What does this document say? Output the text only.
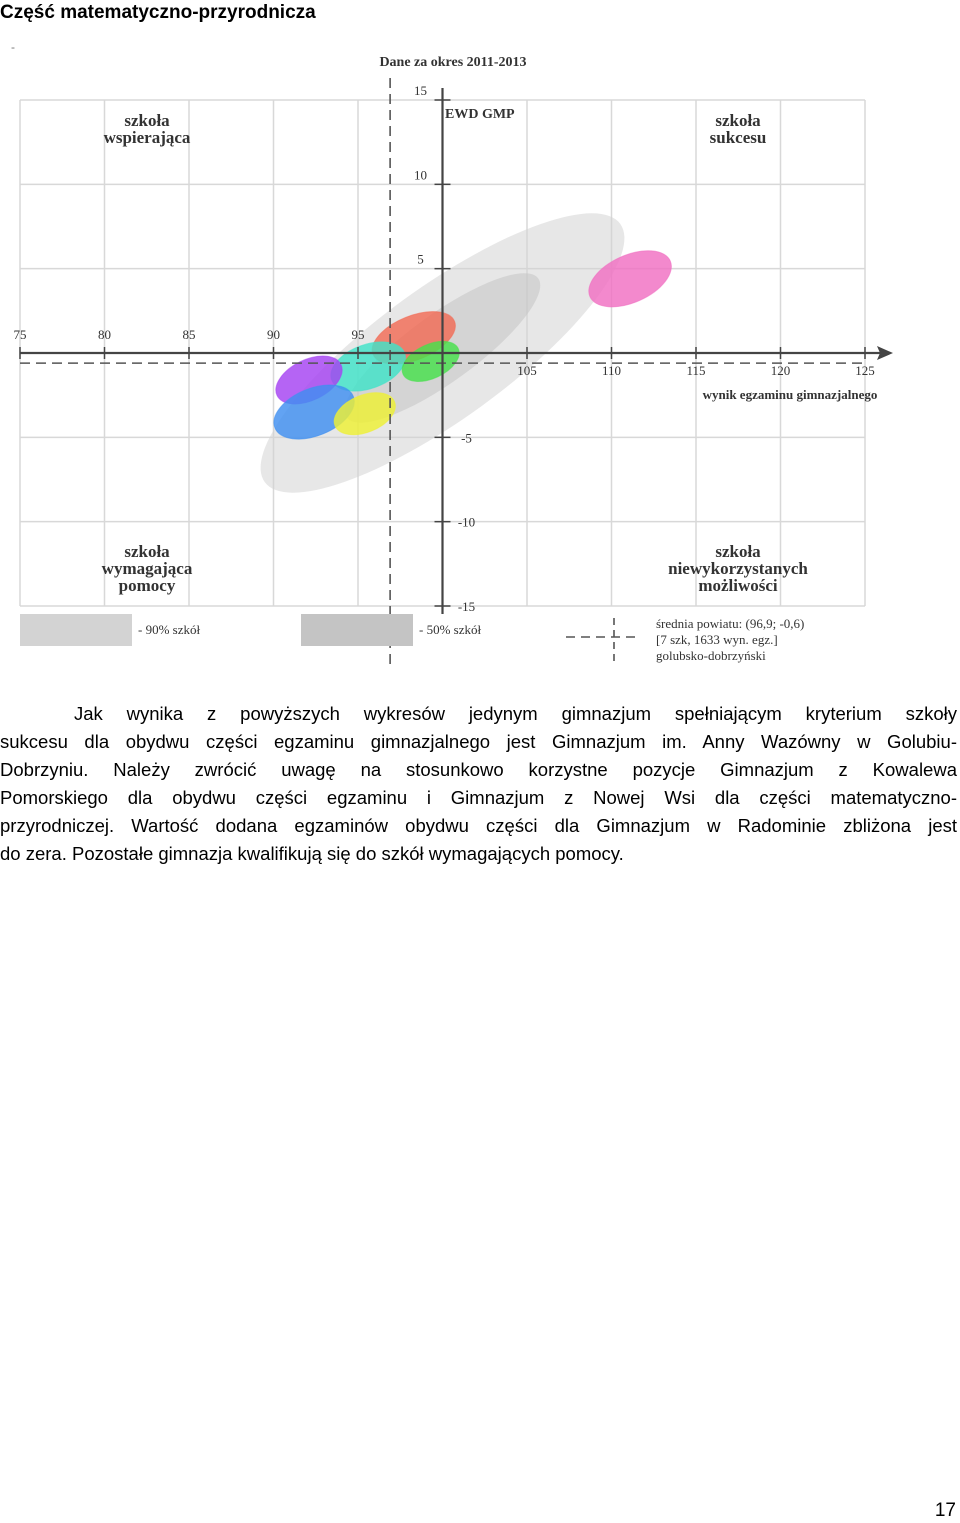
Część matematyczno-przyrodnicza
-
75	80	85	90	95
105	110	115	120	125
15
10
5
-5
-10
-15
Dane za okres 2011-2013
EWD GMP
wynik egzaminu gimnazjalnego
szkoła
wspierająca
szkoła
sukcesu
szkoła
wymagająca
pomocy
szkoła
niewykorzystanych
możliwości
- 90% szkół	- 50% szkół	średnia powiatu: (96,9; -0,6)
[7 szk, 1633 wyn. egz.]
golubsko-dobrzyński
Jak wynika z powyższych wykresów jedynym gimnazjum spełniającym kryterium szkoły
sukcesu dla obydwu części egzaminu gimnazjalnego jest Gimnazjum im. Anny Wazówny w Golubiu-
Dobrzyniu. Należy zwrócić uwagę na stosunkowo korzystne pozycje Gimnazjum z Kowalewa
Pomorskiego dla obydwu części egzaminu i Gimnazjum z Nowej Wsi dla części matematyczno-
przyrodniczej. Wartość dodana egzaminów obydwu części dla Gimnazjum w Radominie zbliżona jest
do zera. Pozostałe gimnazja kwalifikują się do szkół wymagających pomocy.
17
